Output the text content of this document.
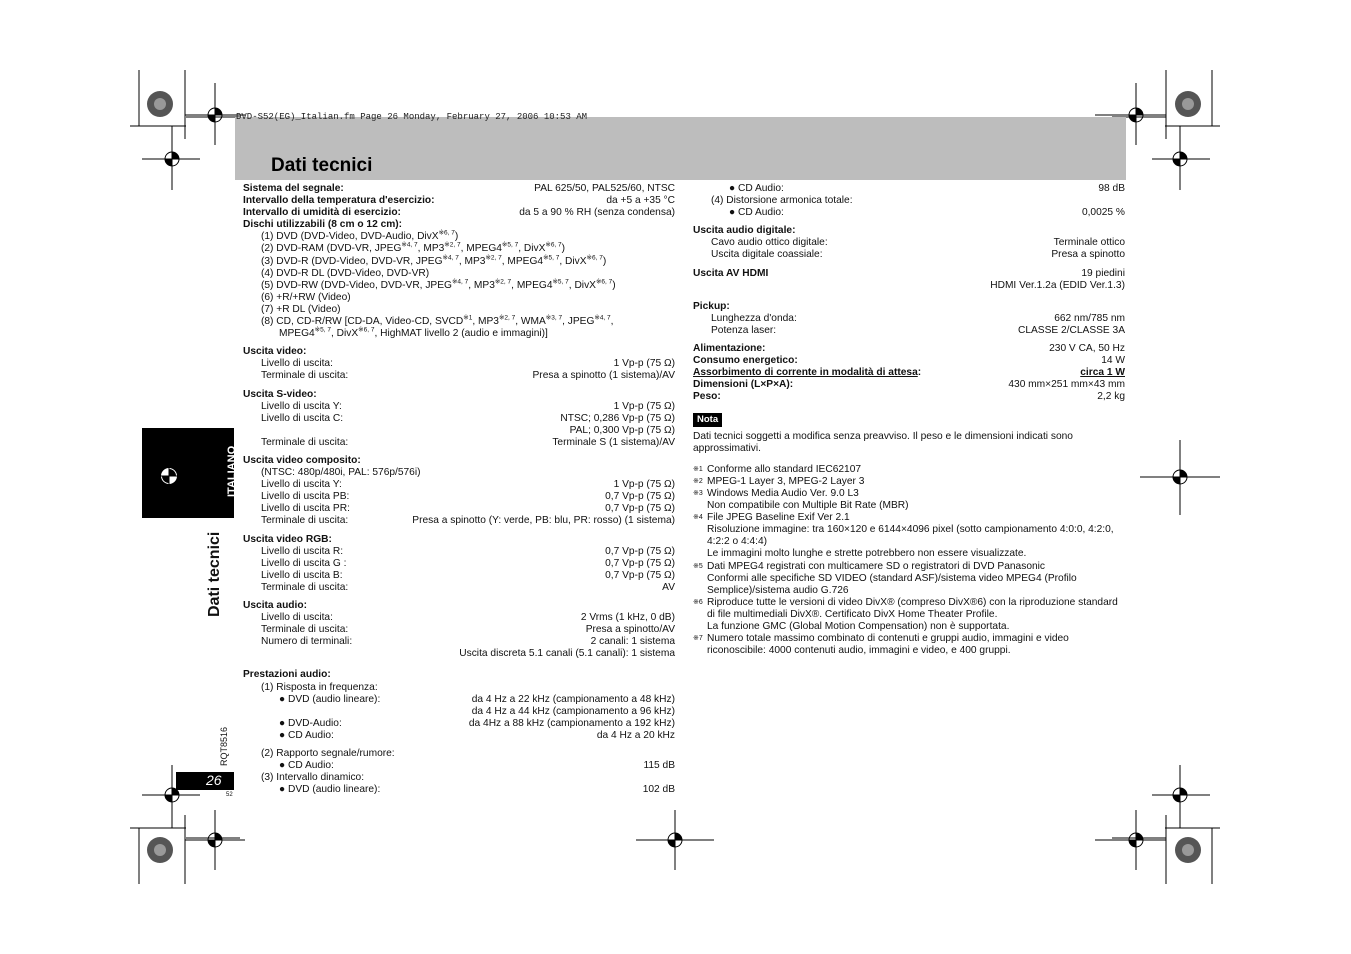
DVD-S52(EG)_Italian.fm Page 26 Monday, February 27, 2006 10:53 AM
Dati tecnici
ITALIANO
Dati tecnici
RQT8516
26
52
Sistema del segnale:	PAL 625/50, PAL525/60, NTSC
Intervallo della temperatura d'esercizio:	da +5 a +35 °C
Intervallo di umidità di esercizio:	da 5 a 90 % RH (senza condensa)
Dischi utilizzabili (8 cm o 12 cm):
(1) DVD (DVD-Video, DVD-Audio, DivX$^{※6, 7}$)
(2) DVD-RAM (DVD-VR, JPEG$^{※4, 7}$, MP3$^{※2, 7}$, MPEG4$^{※5, 7}$, DivX$^{※6, 7}$)
(3) DVD-R (DVD-Video, DVD-VR, JPEG$^{※4, 7}$, MP3$^{※2, 7}$, MPEG4$^{※5, 7}$, DivX$^{※6, 7}$)
(4) DVD-R DL (DVD-Video, DVD-VR)
(5) DVD-RW (DVD-Video, DVD-VR, JPEG$^{※4, 7}$, MP3$^{※2, 7}$, MPEG4$^{※5, 7}$, DivX$^{※6, 7}$)
(6) +R/+RW (Video)
(7) +R DL (Video)
(8) CD, CD-R/RW [CD-DA, Video-CD, SVCD$^{※1}$, MP3$^{※2, 7}$, WMA$^{※3, 7}$, JPEG$^{※4, 7}$,
MPEG4$^{※5, 7}$, DivX$^{※6, 7}$, HighMAT livello 2 (audio e immagini)]
Uscita video:
Livello di uscita:	1 Vp-p (75 Ω)
Terminale di uscita:	Presa a spinotto (1 sistema)/AV
Uscita S-video:
Livello di uscita Y:	1 Vp-p (75 Ω)
Livello di uscita C:	NTSC; 0,286 Vp-p (75 Ω)
PAL; 0,300 Vp-p (75 Ω)
Terminale di uscita:	Terminale S (1 sistema)/AV
Uscita video composito:
(NTSC: 480p/480i, PAL: 576p/576i)
Livello di uscita Y:	1 Vp-p (75 Ω)
Livello di uscita PB:	0,7 Vp-p (75 Ω)
Livello di uscita PR:	0,7 Vp-p (75 Ω)
Terminale di uscita:	Presa a spinotto (Y: verde, PB: blu, PR: rosso) (1 sistema)
Uscita video RGB:
Livello di uscita R:	0,7 Vp-p (75 Ω)
Livello di uscita G :	0,7 Vp-p (75 Ω)
Livello di uscita B:	0,7 Vp-p (75 Ω)
Terminale di uscita:	AV
Uscita audio:
Livello di uscita:	2 Vrms (1 kHz, 0 dB)
Terminale di uscita:	Presa a spinotto/AV
Numero di terminali:	2 canali: 1 sistema
Uscita discreta 5.1 canali (5.1 canali): 1 sistema
Prestazioni audio:
(1) Risposta in frequenza:
● DVD (audio lineare):	da 4 Hz a 22 kHz (campionamento a 48 kHz)
da 4 Hz a 44 kHz (campionamento a 96 kHz)
● DVD-Audio:	da 4Hz a 88 kHz (campionamento a 192 kHz)
● CD Audio:	da 4 Hz a 20 kHz
(2) Rapporto segnale/rumore:
● CD Audio:	115 dB
(3) Intervallo dinamico:
● DVD (audio lineare):	102 dB
● CD Audio:	98 dB
(4) Distorsione armonica totale:
● CD Audio:	0,0025 %
Uscita audio digitale:
Cavo audio ottico digitale:	Terminale ottico
Uscita digitale coassiale:	Presa a spinotto
Uscita AV HDMI	19 piedini
HDMI Ver.1.2a (EDID Ver.1.3)
Pickup:
Lunghezza d'onda:	662 nm/785 nm
Potenza laser:	CLASSE 2/CLASSE 3A
Alimentazione:	230 V CA, 50 Hz
Consumo energetico:	14 W
Assorbimento di corrente in modalità di attesa:	circa 1 W
Dimensioni (L×P×A):	430 mm×251 mm×43 mm
Peso:	2,2 kg
Nota
Dati tecnici soggetti a modifica senza preavviso. Il peso e le dimensioni indicati sono approssimativi.
※1 Conforme allo standard IEC62107
※2 MPEG-1 Layer 3, MPEG-2 Layer 3
※3 Windows Media Audio Ver. 9.0 L3
Non compatibile con Multiple Bit Rate (MBR)
※4 File JPEG Baseline Exif Ver 2.1
Risoluzione immagine: tra 160×120 e 6144×4096 pixel (sotto campionamento 4:0:0, 4:2:0, 4:2:2 o 4:4:4)
Le immagini molto lunghe e strette potrebbero non essere visualizzate.
※5 Dati MPEG4 registrati con multicamere SD o registratori di DVD Panasonic
Conformi alle specifiche SD VIDEO (standard ASF)/sistema video MPEG4 (Profilo Semplice)/sistema audio G.726
※6 Riproduce tutte le versioni di video DivX® (compreso DivX®6) con la riproduzione standard di file multimediali DivX®. Certificato DivX Home Theater Profile.
La funzione GMC (Global Motion Compensation) non è supportata.
※7 Numero totale massimo combinato di contenuti e gruppi audio, immagini e video riconoscibile: 4000 contenuti audio, immagini e video, e 400 gruppi.
